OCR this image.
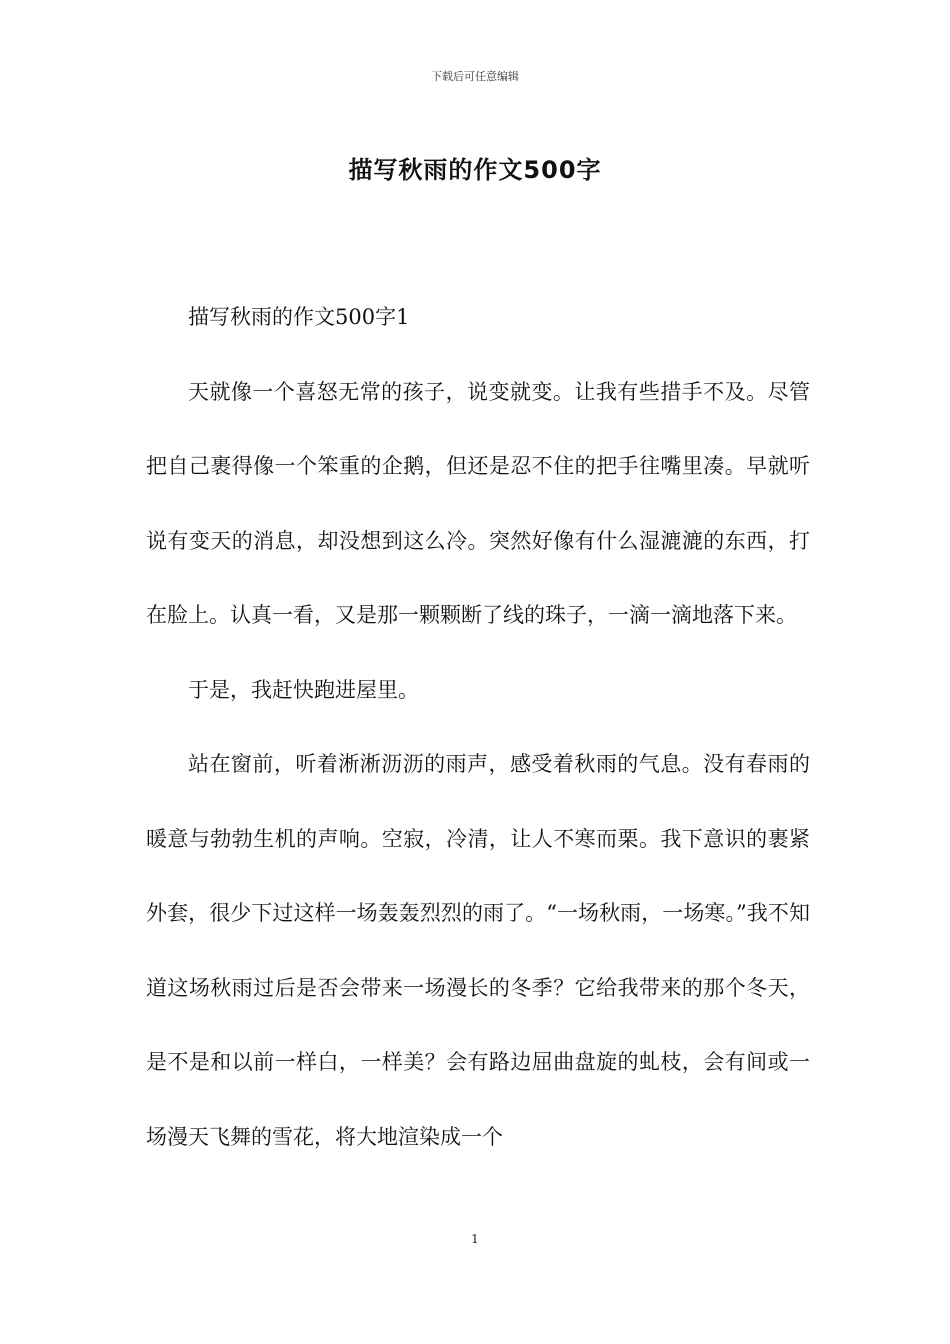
下载后可任意编辑
描写秋雨的作文500字

描写秋雨的作文500字1

天就像一个喜怒无常的孩子，说变就变。让我有些措手不及。尽管把自己裹得像一个笨重的企鹅，但还是忍不住的把手往嘴里凑。早就听说有变天的消息，却没想到这么冷。突然好像有什么湿漉漉的东西，打在脸上。认真一看，又是那一颗颗断了线的珠子，一滴一滴地落下来。

于是，我赶快跑进屋里。

站在窗前，听着淅淅沥沥的雨声，感受着秋雨的气息。没有春雨的暖意与勃勃生机的声响。空寂，冷清，让人不寒而栗。我下意识的裹紧外套，很少下过这样一场轰轰烈烈的雨了。“一场秋雨，一场寒。”我不知道这场秋雨过后是否会带来一场漫长的冬季？它给我带来的那个冬天，是不是和以前一样白，一样美？会有路边屈曲盘旋的虬枝，会有间或一场漫天飞舞的雪花，将大地渲染成一个

1
